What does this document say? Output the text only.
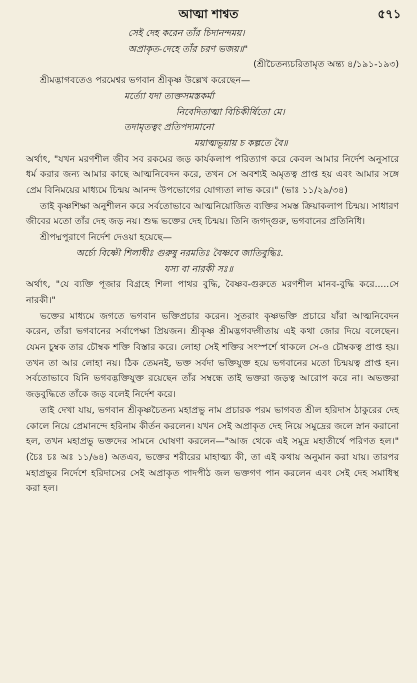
আত্মা শাশ্বত	৫৭১
সেই দেহ করেন তাঁর চিদানন্দময়।
অপ্রাকৃত-দেহে তাঁর চরণ ভজয়॥"
(শ্রীচৈতন্যচরিতামৃত অন্ত্য ৪/১৯১-১৯৩)
শ্রীমদ্ভাগবতেও পরমেশ্বর ভগবান শ্রীকৃষ্ণ উল্লেখ করেছেন—
মর্ত্যো যদা ত্যক্তসমস্তকর্মা
নিবেদিতাত্মা বিচিকীর্ষিতো মে।
তদামৃতত্বং প্রতিপদ্যমানো
ময়াত্মভূয়ায় চ কল্পতে বৈ॥
অর্থাৎ, "যখন মরণশীল জীব সব রকমের জড় কার্যকলাপ পরিত্যাগ করে কেবল আমার নির্দেশ অনুসারে ধর্ম করার জন্য আমার কাছে আত্মনিবেদন করে, তখন সে অবশ্যই অমৃতত্ব প্রাপ্ত হয় এবং আমার সঙ্গে প্রেম বিনিময়ের মাধ্যমে চিন্ময় আনন্দ উপভোগের যোগ্যতা লাভ করে।" (ভাঃ ১১/২৯/৩৪)
তাই কৃষ্ণশিক্ষা অনুশীলন করে সর্বতোভাবে আত্মনিয়োজিত ব্যক্তির সমস্ত ক্রিয়াকলাপ চিন্ময়। সাধারণ জীবের মতো তাঁর দেহ জড় নয়। শুদ্ধ ভক্তের দেহ চিন্ময়। তিনি জগদ্গুরু, ভগবানের প্রতিনিধি।
শ্রীপদ্মপুরাণে নির্দেশ দেওয়া হয়েছে—
অর্চ্যে বিষ্ণৌ শিলাধীঃ গুরুষু নরমতিঃ বৈষ্ণবে জাতিবুদ্ধিঃ.
যস্য বা নারকী সঃ॥
অর্থাৎ, "যে ব্যক্তি পূজার বিগ্রহে শিলা পাথর বুদ্ধি, বৈষ্ণব-গুরুতে মরণশীল মানব-বুদ্ধি করে.....সে নারকী।"
ভক্তের মাধ্যমে জগতে ভগবান ভক্তিপ্রচার করেন। সুতরাং কৃষ্ণভক্তি প্রচারে যাঁরা আত্মনিবেদন করেন, তাঁরা ভগবানের সর্বাপেক্ষা প্রিয়জন। শ্রীকৃষ্ণ শ্রীমদ্ভগবদ্গীতায় এই কথা জোর দিয়ে বলেছেন। যেমন চুম্বক তার চৌম্বক শক্তি বিস্তার করে। লোহা সেই শক্তির সংস্পর্শে থাকলে সে-ও চৌম্বকত্ব প্রাপ্ত হয়। তখন তা আর লোহা নয়। ঠিক তেমনই, ভক্ত সর্বদা ভক্তিযুক্ত হয়ে ভগবানের মতো চিন্ময়ত্ব প্রাপ্ত হন। সর্বতোভাবে যিনি ভগবদ্ভক্তিযুক্ত রয়েছেন তাঁর সম্বন্ধে তাই ভক্তরা জড়ত্ব আরোপ করে না। অভক্তরা জড়বুদ্ধিতে তাঁকে জড় বলেই নির্দেশ করে।
তাই দেখা যায়, ভগবান শ্রীকৃষ্ণচৈতন্য মহাপ্রভু নাম প্রচারক পরম ভাগবত শ্রীল হরিদাস ঠাকুরের দেহ কোলে নিয়ে প্রেমানন্দে হরিনাম কীর্তন করলেন। যখন সেই অপ্রাকৃত দেহ নিয়ে সমুদ্রের জলে স্নান করানো হল, তখন মহাপ্রভু ভক্তদের সামনে ঘোষণা করলেন—"আজ থেকে এই সমুদ্র মহাতীর্থে পরিণত হল।" (চৈঃ চঃ অঃ ১১/৬৪) অতএব, ভক্তের শরীরের মাহাত্ম্য কী, তা এই কথায় অনুমান করা যায়। তারপর মহাপ্রভুর নির্দেশে হরিদাসের সেই অপ্রাকৃত পাদপীঠ জল ভক্তগণ পান করলেন এবং সেই দেহ সমাধিস্থ করা হল।
